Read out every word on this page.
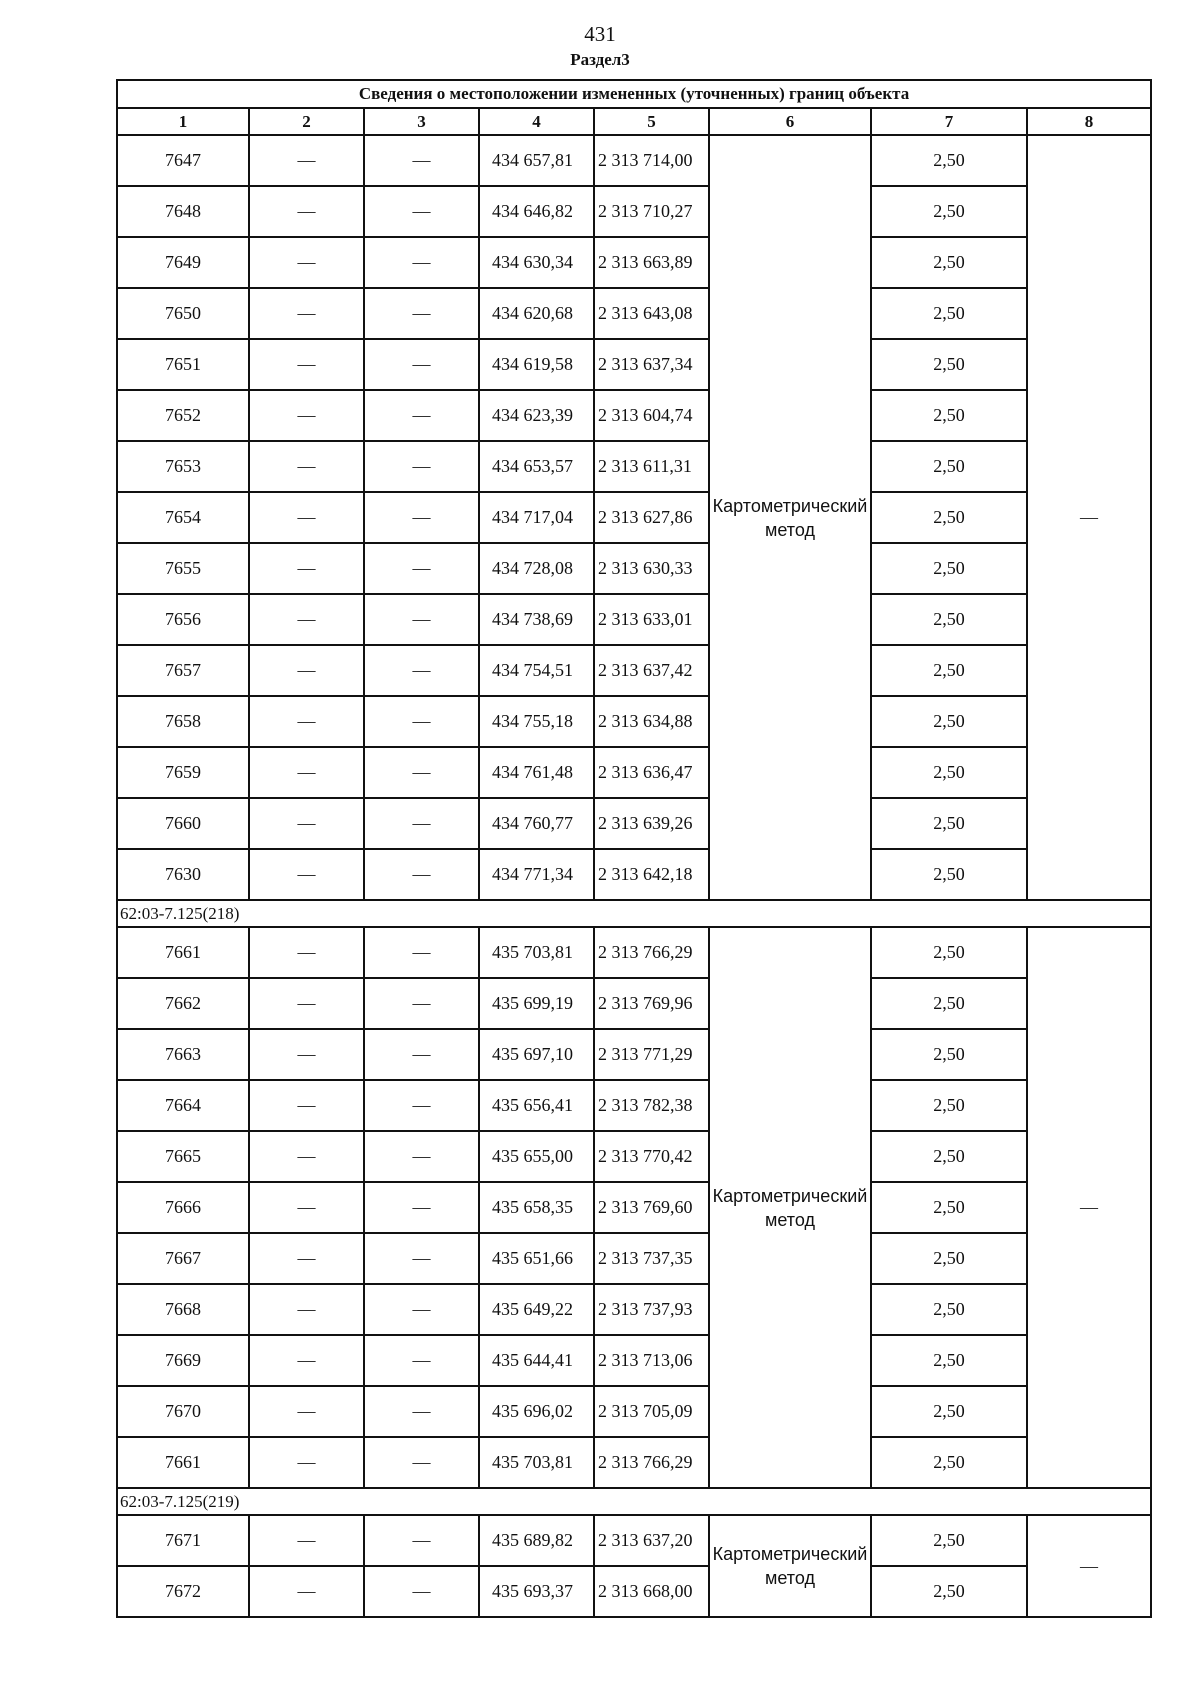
431
Раздел3
Сведения о местоположении измененных (уточненных) границ объекта							
1	2	3	4	5	6	7	8
7647	—	—	434 657,81	2 313 714,00	Картометрический метод	2,50	—
7648	—	—	434 646,82	2 313 710,27		2,50	
7649	—	—	434 630,34	2 313 663,89		2,50	
7650	—	—	434 620,68	2 313 643,08		2,50	
7651	—	—	434 619,58	2 313 637,34		2,50	
7652	—	—	434 623,39	2 313 604,74		2,50	
7653	—	—	434 653,57	2 313 611,31		2,50	
7654	—	—	434 717,04	2 313 627,86		2,50	
7655	—	—	434 728,08	2 313 630,33		2,50	
7656	—	—	434 738,69	2 313 633,01		2,50	
7657	—	—	434 754,51	2 313 637,42		2,50	
7658	—	—	434 755,18	2 313 634,88		2,50	
7659	—	—	434 761,48	2 313 636,47		2,50	
7660	—	—	434 760,77	2 313 639,26		2,50	
7630	—	—	434 771,34	2 313 642,18		2,50	
62:03-7.125(218)							
7661	—	—	435 703,81	2 313 766,29	Картометрический метод	2,50	—
7662	—	—	435 699,19	2 313 769,96		2,50	
7663	—	—	435 697,10	2 313 771,29		2,50	
7664	—	—	435 656,41	2 313 782,38		2,50	
7665	—	—	435 655,00	2 313 770,42		2,50	
7666	—	—	435 658,35	2 313 769,60		2,50	
7667	—	—	435 651,66	2 313 737,35		2,50	
7668	—	—	435 649,22	2 313 737,93		2,50	
7669	—	—	435 644,41	2 313 713,06		2,50	
7670	—	—	435 696,02	2 313 705,09		2,50	
7661	—	—	435 703,81	2 313 766,29		2,50	
62:03-7.125(219)							
7671	—	—	435 689,82	2 313 637,20	Картометрический метод	2,50	—
7672	—	—	435 693,37	2 313 668,00		2,50	
